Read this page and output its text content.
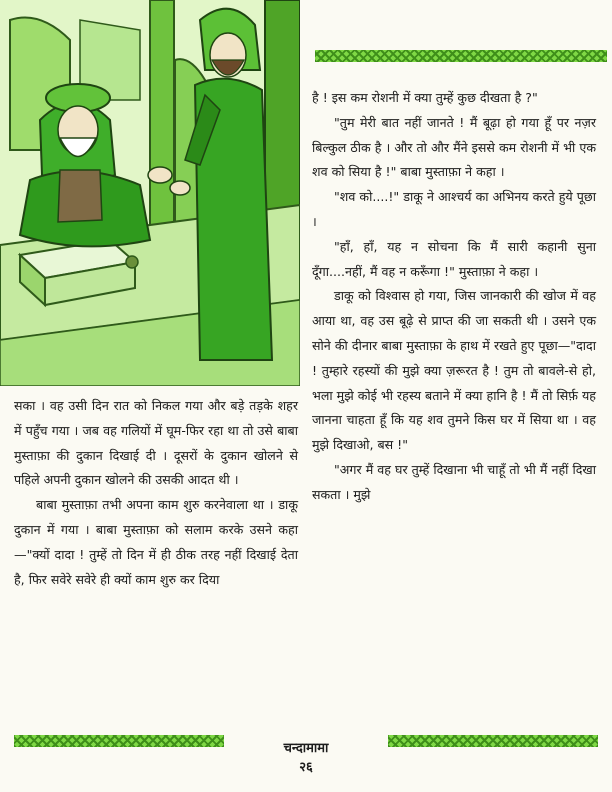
है ! इस कम रोशनी में क्या तुम्हें कुछ दीखता है ?"

"तुम मेरी बात नहीं जानते ! मैं बूढ़ा हो गया हूँ पर नज़र बिल्कुल ठीक है । और तो और मैंने इससे कम रोशनी में भी एक शव को सिया है !" बाबा मुस्ताफ़ा ने कहा ।

"शव को....!" डाकू ने आश्चर्य का अभिनय करते हुये पूछा ।

"हाँ, हाँ, यह न सोचना कि मैं सारी कहानी सुना दूँगा....नहीं, मैं वह न करूँगा !" मुस्ताफ़ा ने कहा ।

डाकू को विश्वास हो गया, जिस जानकारी की खोज में वह आया था, वह उस बूढ़े से प्राप्त की जा सकती थी । उसने एक सोने की दीनार बाबा मुस्ताफ़ा के हाथ में रखते हुए पूछा—"दादा ! तुम्हारे रहस्यों की मुझे क्या ज़रूरत है ! तुम तो बावले-से हो, भला मुझे कोई भी रहस्य बताने में क्या हानि है ! मैं तो सिर्फ़ यह जानना चाहता हूँ कि यह शव तुमने किस घर में सिया था । वह मुझे दिखाओ, बस !"

"अगर मैं वह घर तुम्हें दिखाना भी चाहूँ तो भी मैं नहीं दिखा सकता । मुझे

सका । वह उसी दिन रात को निकल गया और बड़े तड़के शहर में पहुँच गया । जब वह गलियों में घूम-फिर रहा था तो उसे बाबा मुस्ताफ़ा की दुकान दिखाई दी । दूसरों के दुकान खोलने से पहिले अपनी दुकान खोलने की उसकी आदत थी ।

बाबा मुस्ताफ़ा तभी अपना काम शुरु करनेवाला था । डाकू दुकान में गया । बाबा मुस्ताफ़ा को सलाम करके उसने कहा—"क्यों दादा ! तुम्हें तो दिन में ही ठीक तरह नहीं दिखाई देता है, फिर सवेरे सवेरे ही क्यों काम शुरु कर दिया

चन्दामामा
२६
